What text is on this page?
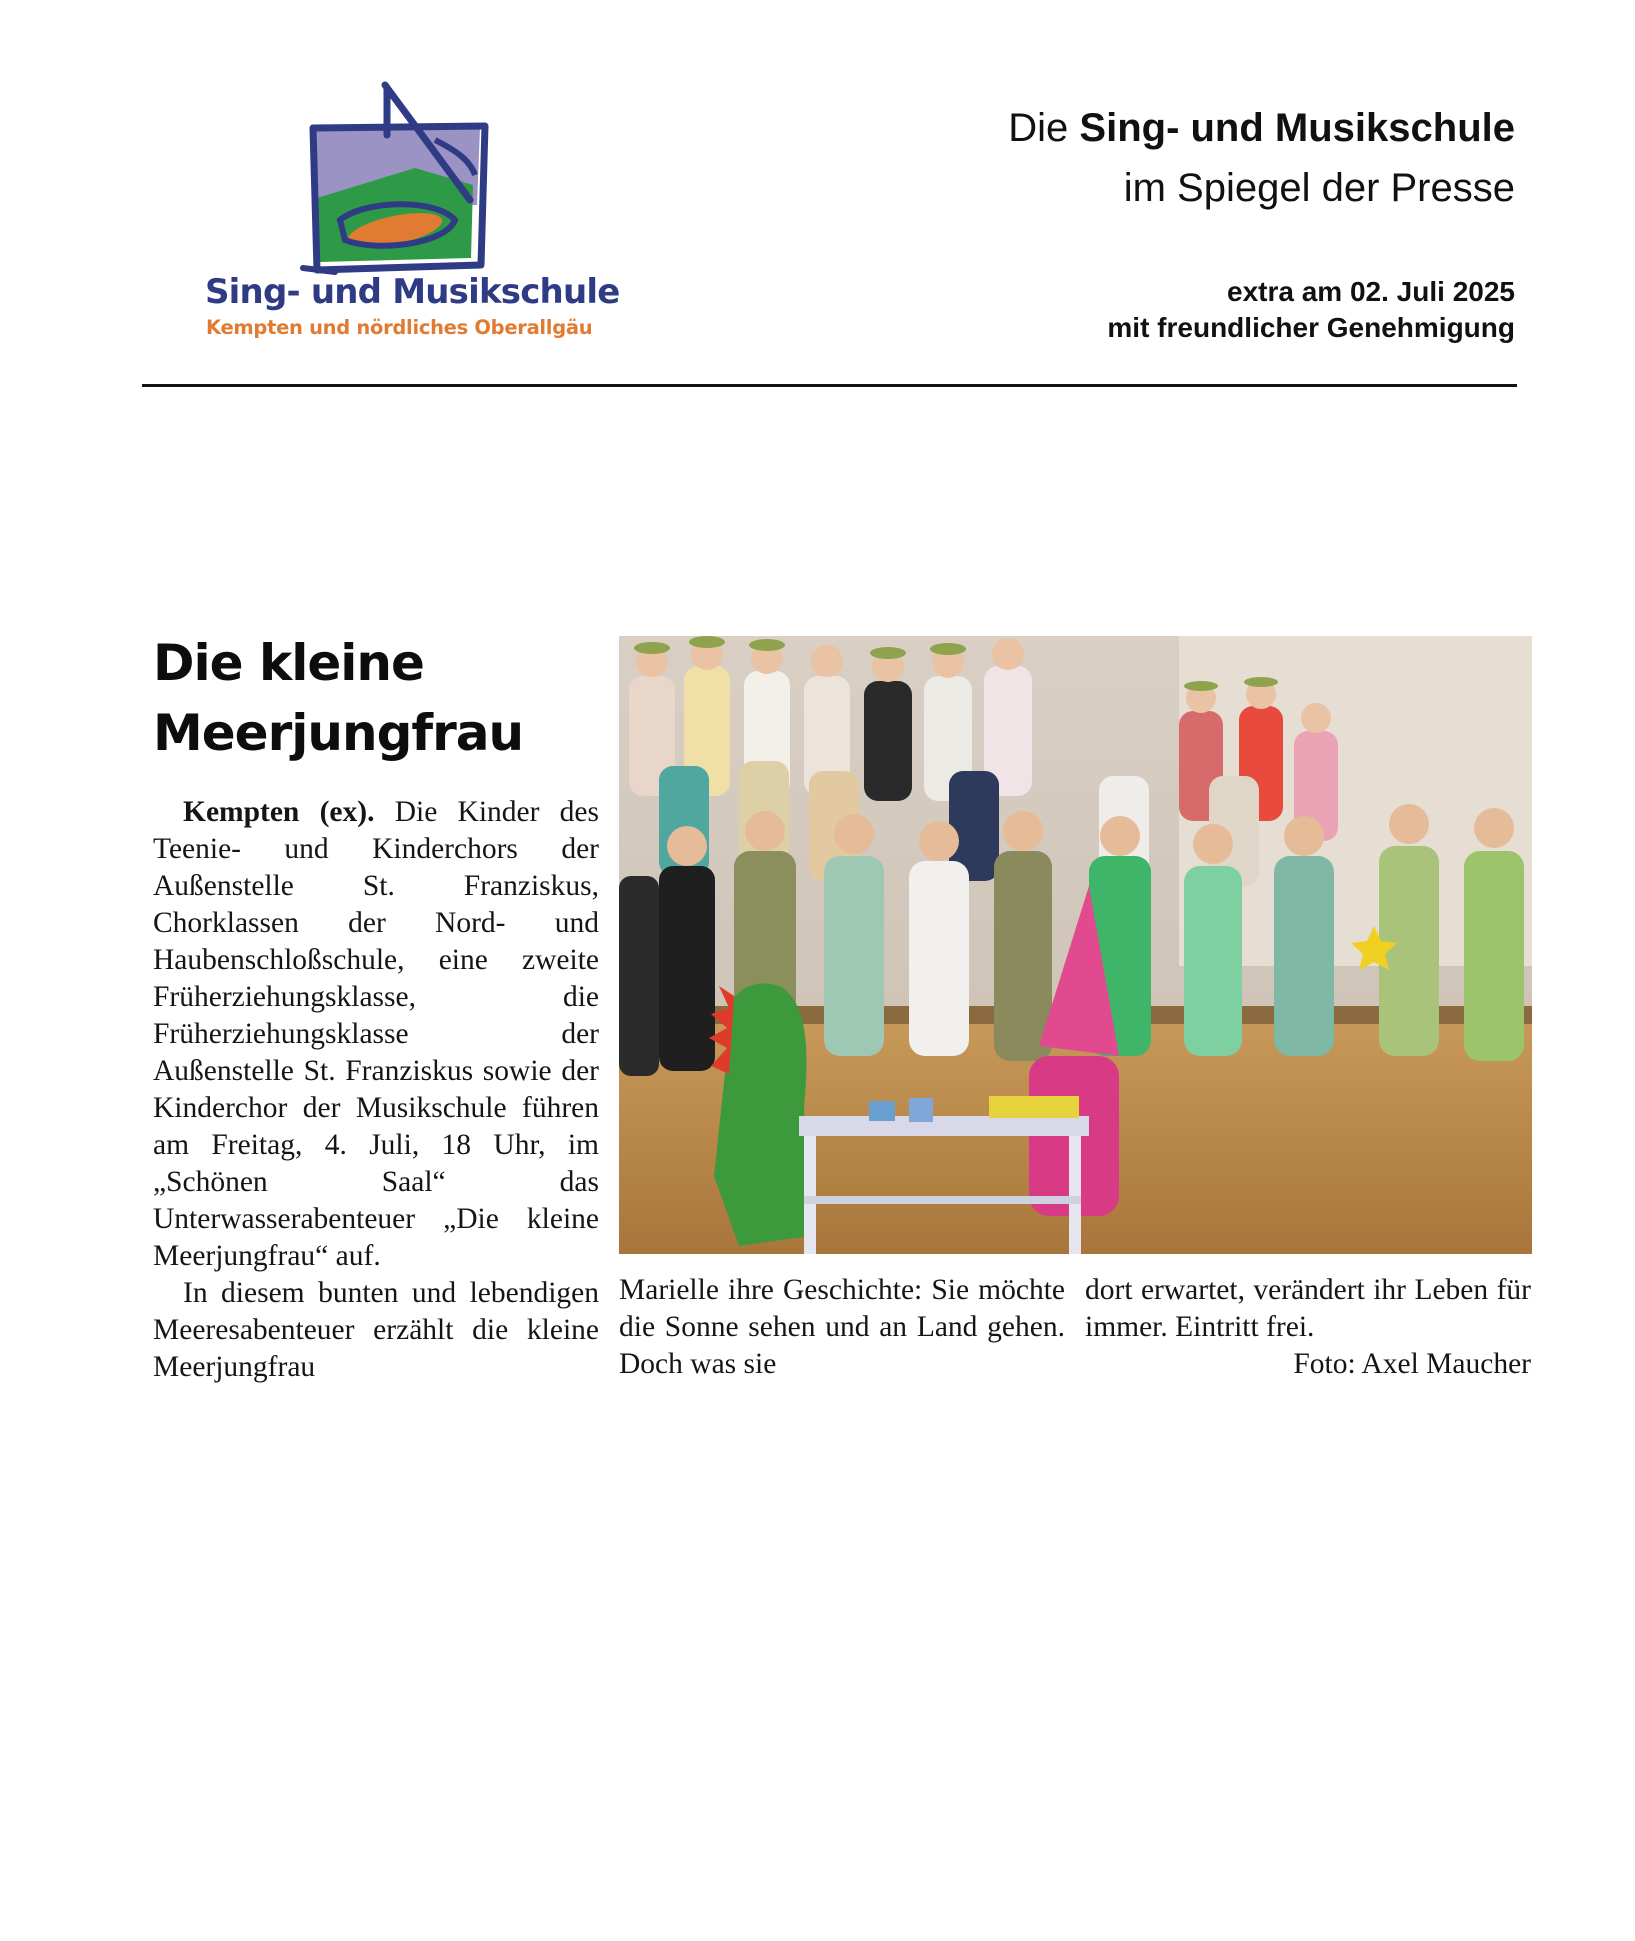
Sing- und Musikschule
Kempten und nördliches Oberallgäu
Die Sing- und Musikschule
im Spiegel der Presse
extra am 02. Juli 2025
mit freundlicher Genehmigung
Die kleine Meerjungfrau

Kempten (ex). Die Kinder des Teenie- und Kinderchors der Außenstelle St. Franziskus, Chorklassen der Nord- und Haubenschloßschule, eine zweite Früherziehungsklasse, die Früherziehungsklasse der Außenstelle St. Franziskus sowie der Kinderchor der Musikschule führen am Freitag, 4. Juli, 18 Uhr, im „Schönen Saal“ das Unterwasserabenteuer „Die kleine Meerjungfrau“ auf.

In diesem bunten und lebendigen Meeresabenteuer erzählt die kleine Meerjungfrau

Marielle ihre Geschichte: Sie möchte die Sonne sehen und an Land gehen. Doch was sie
dort erwartet, verändert ihr Leben für immer. Eintritt frei.
Foto: Axel Maucher
